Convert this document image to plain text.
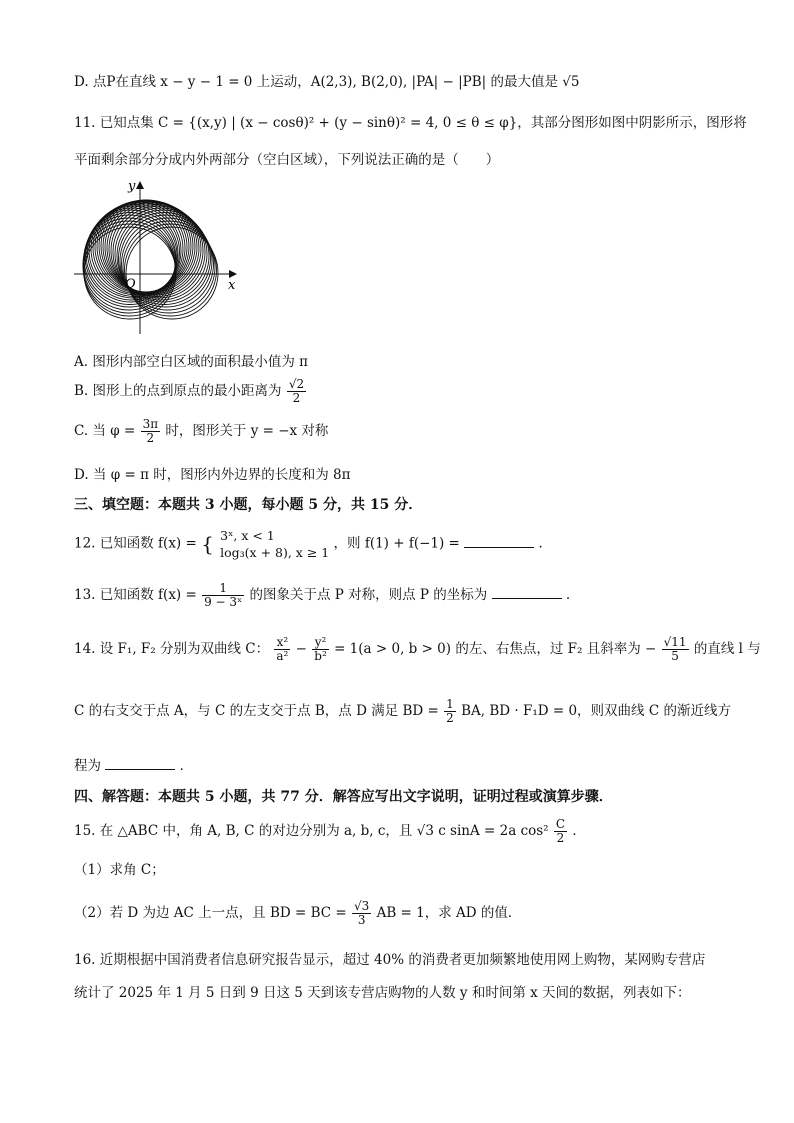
D. 点P在直线 x − y − 1 = 0 上运动，A(2,3), B(2,0), |PA| − |PB| 的最大值是 √5
11. 已知点集 C = {(x,y) | (x − cosθ)² + (y − sinθ)² = 4, 0 ≤ θ ≤ φ}，其部分图形如图中阴影所示，图形将
平面剩余部分分成内外两部分（空白区域），下列说法正确的是（　　）
y
x
O
A. 图形内部空白区域的面积最小值为 π
B. 图形上的点到原点的最小距离为 $\frac{√2}{2}$
C. 当 $\varphi = \frac{3\pi}{2}$ 时，图形关于 y = −x 对称
D. 当 φ = π 时，图形内外边界的长度和为 8π
三、填空题：本题共 3 小题，每小题 5 分，共 15 分．
12. 已知函数 f(x) = { 3ˣ, x < 1
log₃(x + 8), x ≥ 1
，则 f(1) + f(−1) =	．
13. 已知函数 $f(x) = \frac{1}{\text{9 − 3ˣ}}$ 的图象关于点 P 对称，则点 P 的坐标为	.
14. 设 F₁, F₂ 分别为双曲线 C： $\frac{\text{x²}}{\text{a²}} - \frac{\text{y²}}{\text{b²}} = 1(a > 0$, b > 0) 的左、右焦点，过 F₂ 且斜率为 − $\frac{√11}{5}$ 的直线 l 与
C 的右支交于点 A，与 C 的左支交于点 B，点 D 满足 BD = $\frac{1}{2}$ BA, BD · F₁D = 0，则双曲线 C 的渐近线方
程为	．
四、解答题：本题共 5 小题，共 77 分．解答应写出文字说明，证明过程或演算步骤．
15. 在 △ABC 中，角 A, B, C 的对边分别为 a, b, c，且 √3 c sinA = 2a $\cos^2 \frac{C}{2}$ ．
（1）求角 C；
（2）若 D 为边 AC 上一点，且 BD = BC = $\frac{√3}{3}$ AB = 1，求 AD 的值．
16. 近期根据中国消费者信息研究报告显示，超过 40% 的消费者更加频繁地使用网上购物，某网购专营店
统计了 2025 年 1 月 5 日到 9 日这 5 天到该专营店购物的人数 y 和时间第 x 天间的数据，列表如下：
